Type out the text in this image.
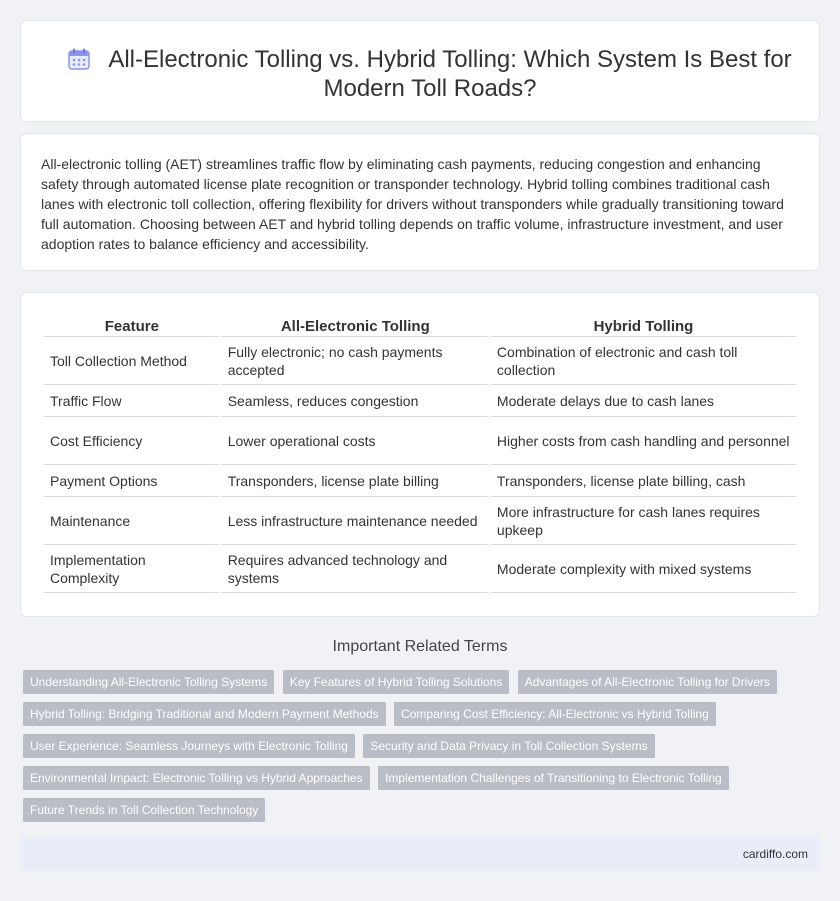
All-Electronic Tolling vs. Hybrid Tolling: Which System Is Best for Modern Toll Roads?

All-electronic tolling (AET) streamlines traffic flow by eliminating cash payments, reducing congestion and enhancing safety through automated license plate recognition or transponder technology. Hybrid tolling combines traditional cash lanes with electronic toll collection, offering flexibility for drivers without transponders while gradually transitioning toward full automation. Choosing between AET and hybrid tolling depends on traffic volume, infrastructure investment, and user adoption rates to balance efficiency and accessibility.

Feature	All-Electronic Tolling	Hybrid Tolling
Toll Collection Method	Fully electronic; no cash payments accepted	Combination of electronic and cash toll collection
Traffic Flow	Seamless, reduces congestion	Moderate delays due to cash lanes
Cost Efficiency	Lower operational costs	Higher costs from cash handling and personnel
Payment Options	Transponders, license plate billing	Transponders, license plate billing, cash
Maintenance	Less infrastructure maintenance needed	More infrastructure for cash lanes requires upkeep
Implementation Complexity	Requires advanced technology and systems	Moderate complexity with mixed systems
Important Related Terms
Understanding All-Electronic Tolling Systems Key Features of Hybrid Tolling Solutions Advantages of All-Electronic Tolling for Drivers Hybrid Tolling: Bridging Traditional and Modern Payment Methods Comparing Cost Efficiency: All-Electronic vs Hybrid Tolling User Experience: Seamless Journeys with Electronic Tolling Security and Data Privacy in Toll Collection Systems Environmental Impact: Electronic Tolling vs Hybrid Approaches Implementation Challenges of Transitioning to Electronic Tolling Future Trends in Toll Collection Technology
cardiffo.com
